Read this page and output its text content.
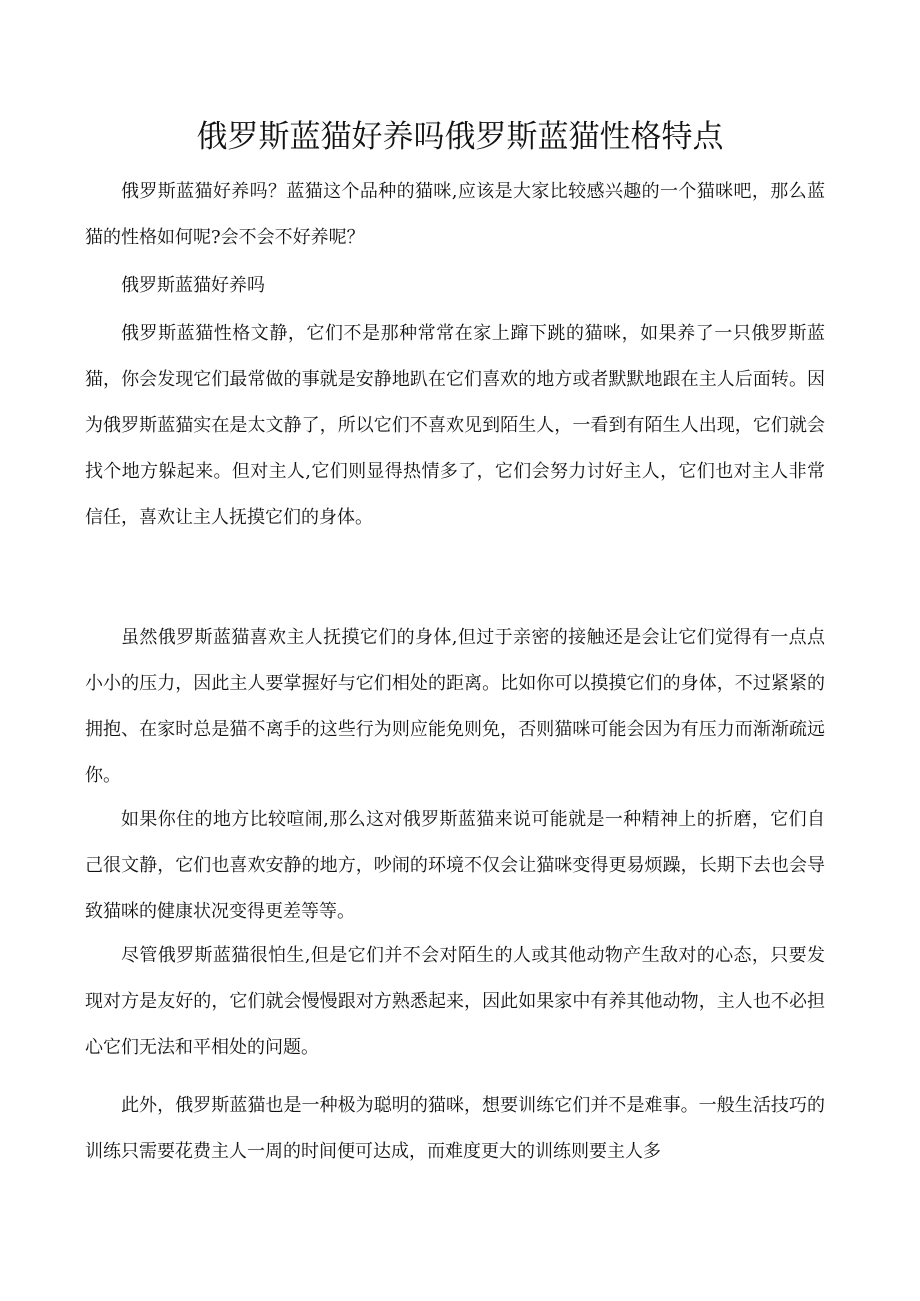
俄罗斯蓝猫好养吗俄罗斯蓝猫性格特点

俄罗斯蓝猫好养吗？蓝猫这个品种的猫咪,应该是大家比较感兴趣的一个猫咪吧，那么蓝猫的性格如何呢?会不会不好养呢？

俄罗斯蓝猫好养吗

俄罗斯蓝猫性格文静，它们不是那种常常在家上蹿下跳的猫咪，如果养了一只俄罗斯蓝猫，你会发现它们最常做的事就是安静地趴在它们喜欢的地方或者默默地跟在主人后面转。因为俄罗斯蓝猫实在是太文静了，所以它们不喜欢见到陌生人，一看到有陌生人出现，它们就会找个地方躲起来。但对主人,它们则显得热情多了，它们会努力讨好主人，它们也对主人非常信任，喜欢让主人抚摸它们的身体。

虽然俄罗斯蓝猫喜欢主人抚摸它们的身体,但过于亲密的接触还是会让它们觉得有一点点小小的压力，因此主人要掌握好与它们相处的距离。比如你可以摸摸它们的身体，不过紧紧的拥抱、在家时总是猫不离手的这些行为则应能免则免，否则猫咪可能会因为有压力而渐渐疏远你。

如果你住的地方比较喧闹,那么这对俄罗斯蓝猫来说可能就是一种精神上的折磨，它们自己很文静，它们也喜欢安静的地方，吵闹的环境不仅会让猫咪变得更易烦躁，长期下去也会导致猫咪的健康状况变得更差等等。

尽管俄罗斯蓝猫很怕生,但是它们并不会对陌生的人或其他动物产生敌对的心态，只要发现对方是友好的，它们就会慢慢跟对方熟悉起来，因此如果家中有养其他动物，主人也不必担心它们无法和平相处的问题。

此外，俄罗斯蓝猫也是一种极为聪明的猫咪，想要训练它们并不是难事。一般生活技巧的训练只需要花费主人一周的时间便可达成，而难度更大的训练则要主人多
